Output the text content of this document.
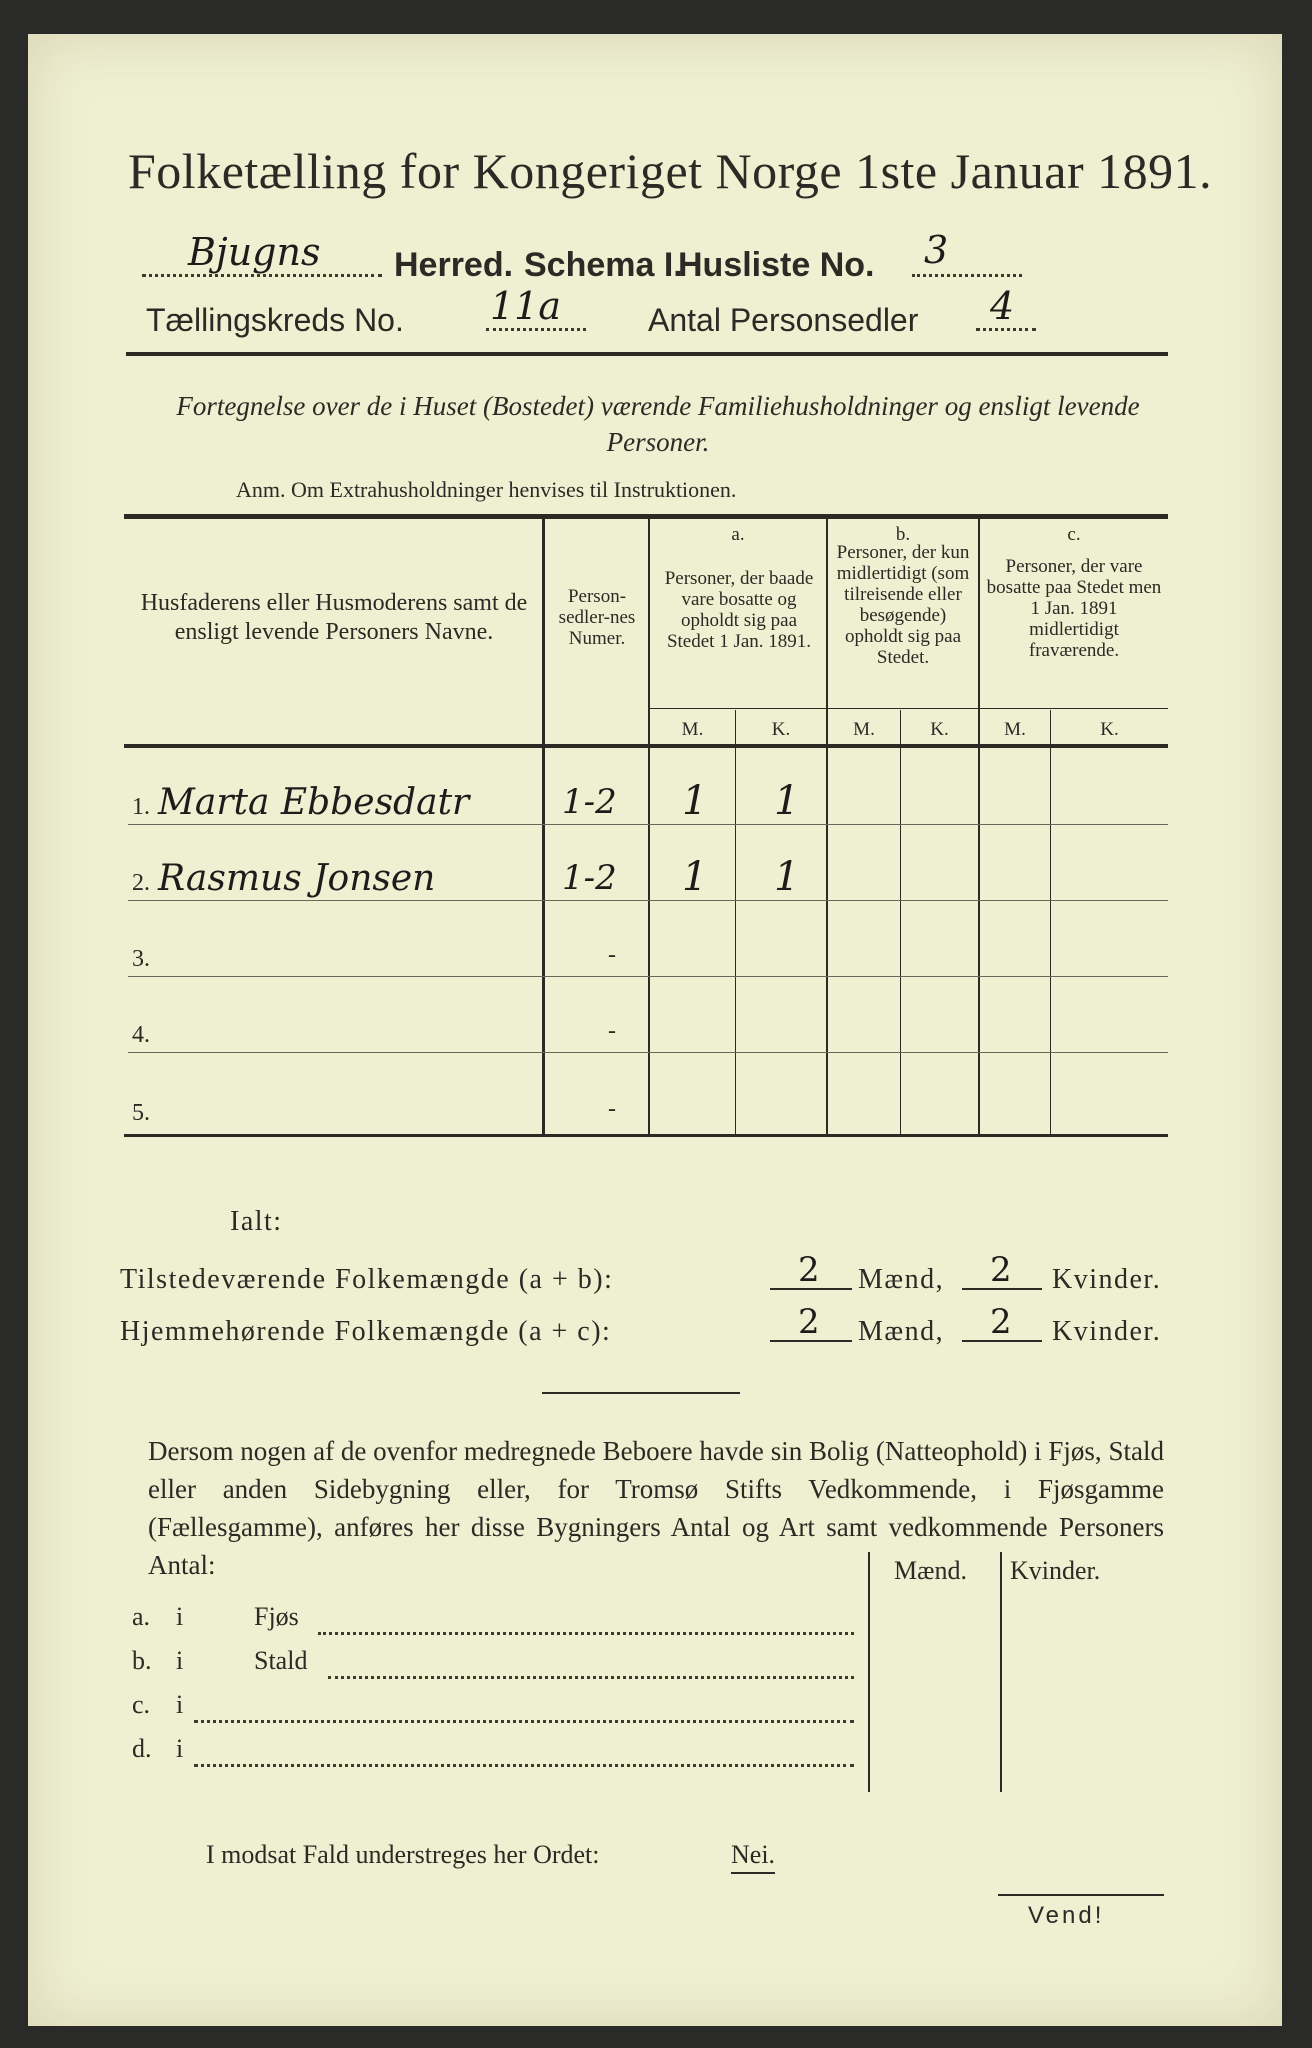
Folketælling for Kongeriget Norge 1ste Januar 1891.
Bjugns Herred. Schema I.
Husliste No. 3
Tællingskreds No. 11a	Antal Personsedler 4
Fortegnelse over de i Huset (Bostedet) værende Familiehusholdninger og ensligt levende Personer.
Anm. Om Extrahusholdninger henvises til Instruktionen.
Husfaderens eller Husmoderens samt de ensligt levende Personers Navne.
Person-sedler-nes Numer.
a.
Personer, der baade vare bosatte og opholdt sig paa Stedet 1 Jan. 1891.
b.
Personer, der kun midlertidigt (som tilreisende eller besøgende) opholdt sig paa Stedet.
c.
Personer, der vare bosatte paa Stedet men 1 Jan. 1891 midlertidigt fraværende.
M.	K.	M.	K.	M.	K.
1. Marta Ebbesdatr	1-2 1 1
2. Rasmus Jonsen	1-2 1 1
3.	-
4.	-
5.	-
Ialt:
Tilstedeværende Folkemængde (a + b):	2 Mænd, 2 Kvinder.
Hjemmehørende Folkemængde (a + c):	2 Mænd, 2 Kvinder.
Dersom nogen af de ovenfor medregnede Beboere havde sin Bolig (Natteophold) i Fjøs, Stald eller anden Sidebygning eller, for Tromsø Stifts Vedkommende, i Fjøsgamme (Fællesgamme), anføres her disse Bygningers Antal og Art samt vedkommende Personers Antal:	Mænd. Kvinder.
a. i	Fjøs
b. i	Stald
c. i
d. i
I modsat Fald understreges her Ordet:	Nei.
Vend!
